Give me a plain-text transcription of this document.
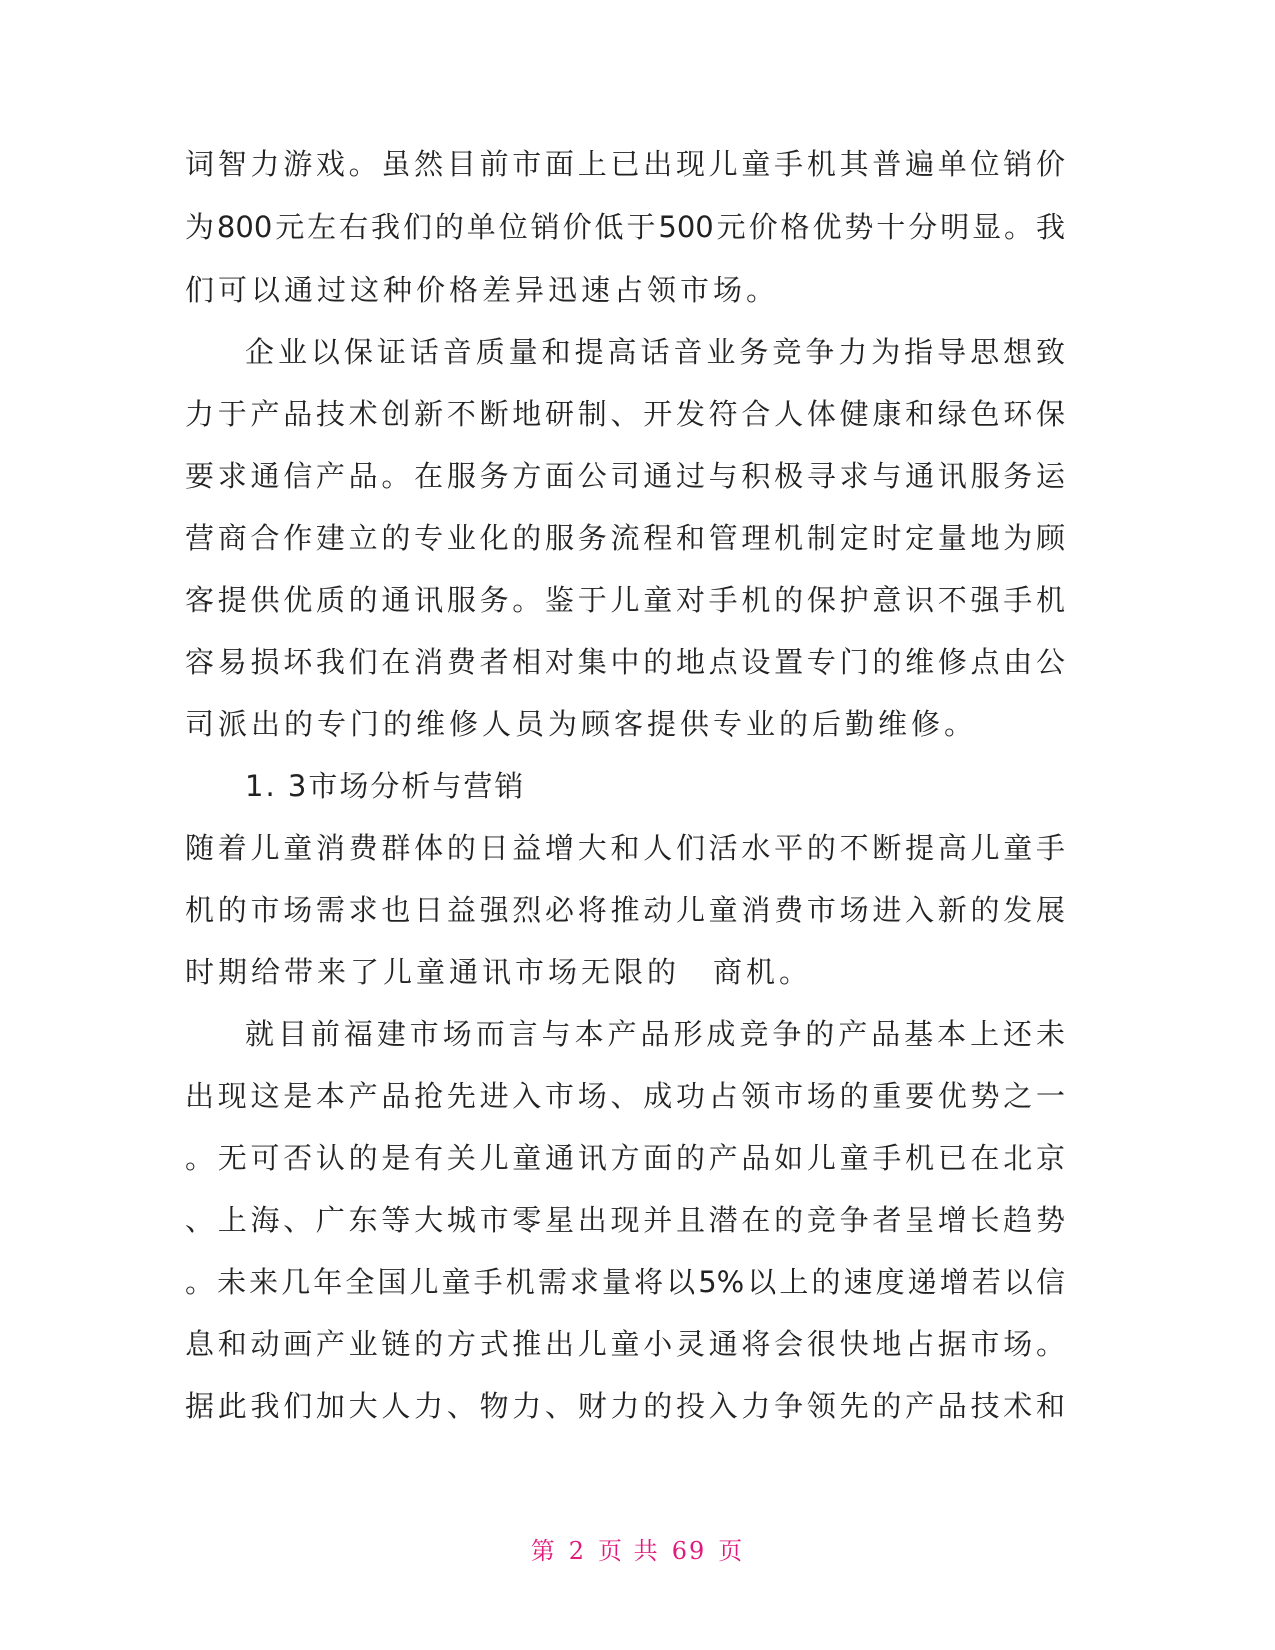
词智力游戏。虽然目前市面上已出现儿童手机其普遍单位销价
为800元左右我们的单位销价低于500元价格优势十分明显。我
们可以通过这种价格差异迅速占领市场。
企业以保证话音质量和提高话音业务竞争力为指导思想致
力于产品技术创新不断地研制、开发符合人体健康和绿色环保
要求通信产品。在服务方面公司通过与积极寻求与通讯服务运
营商合作建立的专业化的服务流程和管理机制定时定量地为顾
客提供优质的通讯服务。鉴于儿童对手机的保护意识不强手机
容易损坏我们在消费者相对集中的地点设置专门的维修点由公
司派出的专门的维修人员为顾客提供专业的后勤维修。
1. 3市场分析与营销
随着儿童消费群体的日益增大和人们活水平的不断提高儿童手
机的市场需求也日益强烈必将推动儿童消费市场进入新的发展
时期给带来了儿童通讯市场无限的　商机。
就目前福建市场而言与本产品形成竞争的产品基本上还未
出现这是本产品抢先进入市场、成功占领市场的重要优势之一
。无可否认的是有关儿童通讯方面的产品如儿童手机已在北京
、上海、广东等大城市零星出现并且潜在的竞争者呈增长趋势
。未来几年全国儿童手机需求量将以5%以上的速度递增若以信
息和动画产业链的方式推出儿童小灵通将会很快地占据市场。
据此我们加大人力、物力、财力的投入力争领先的产品技术和
第 2 页 共 69 页
